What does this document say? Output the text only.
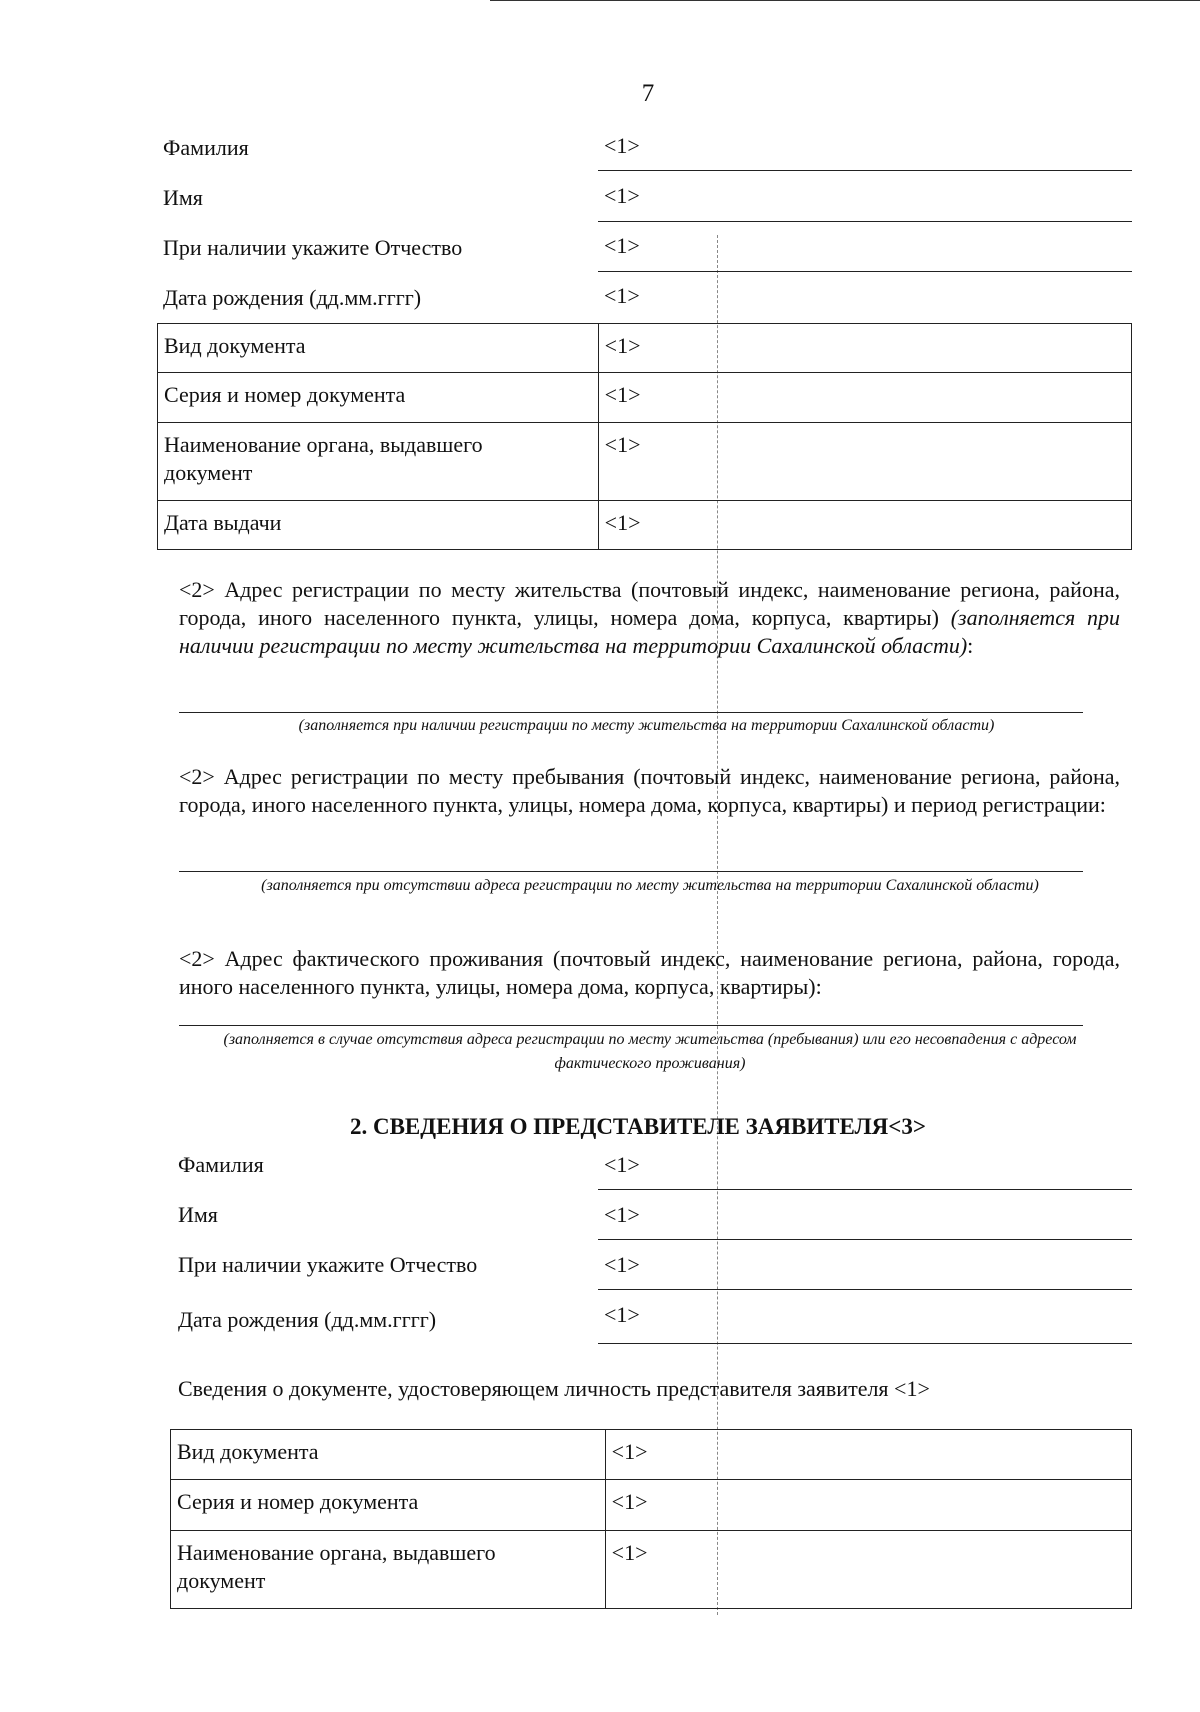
7
Фамилия	<1>
Имя	<1>
При наличии укажите Отчество	<1>
Дата рождения (дд.мм.гггг)	<1>
Вид документа	<1>
Серия и номер документа	<1>
Наименование органа, выдавшего документ	<1>
Дата выдачи	<1>
<2> Адрес регистрации по месту жительства (почтовый индекс, наименование региона, района, города, иного населенного пункта, улицы, номера дома, корпуса, квартиры) (заполняется при наличии регистрации по месту жительства на территории Сахалинской области):
(заполняется при наличии регистрации по месту жительства на территории Сахалинской области)
<2> Адрес регистрации по месту пребывания (почтовый индекс, наименование региона, района, города, иного населенного пункта, улицы, номера дома, корпуса, квартиры) и период регистрации:
(заполняется при отсутствии адреса регистрации по месту жительства на территории Сахалинской области)
<2> Адрес фактического проживания (почтовый индекс, наименование региона, района, города, иного населенного пункта, улицы, номера дома, корпуса, квартиры):
(заполняется в случае отсутствия адреса регистрации по месту жительства (пребывания) или его несовпадения с адресом фактического проживания)
2. СВЕДЕНИЯ О ПРЕДСТАВИТЕЛЕ ЗАЯВИТЕЛЯ<3>
Фамилия	<1>
Имя	<1>
При наличии укажите Отчество	<1>
Дата рождения (дд.мм.гггг)	<1>
Сведения о документе, удостоверяющем личность представителя заявителя <1>
Вид документа	<1>
Серия и номер документа	<1>
Наименование органа, выдавшего документ	<1>
